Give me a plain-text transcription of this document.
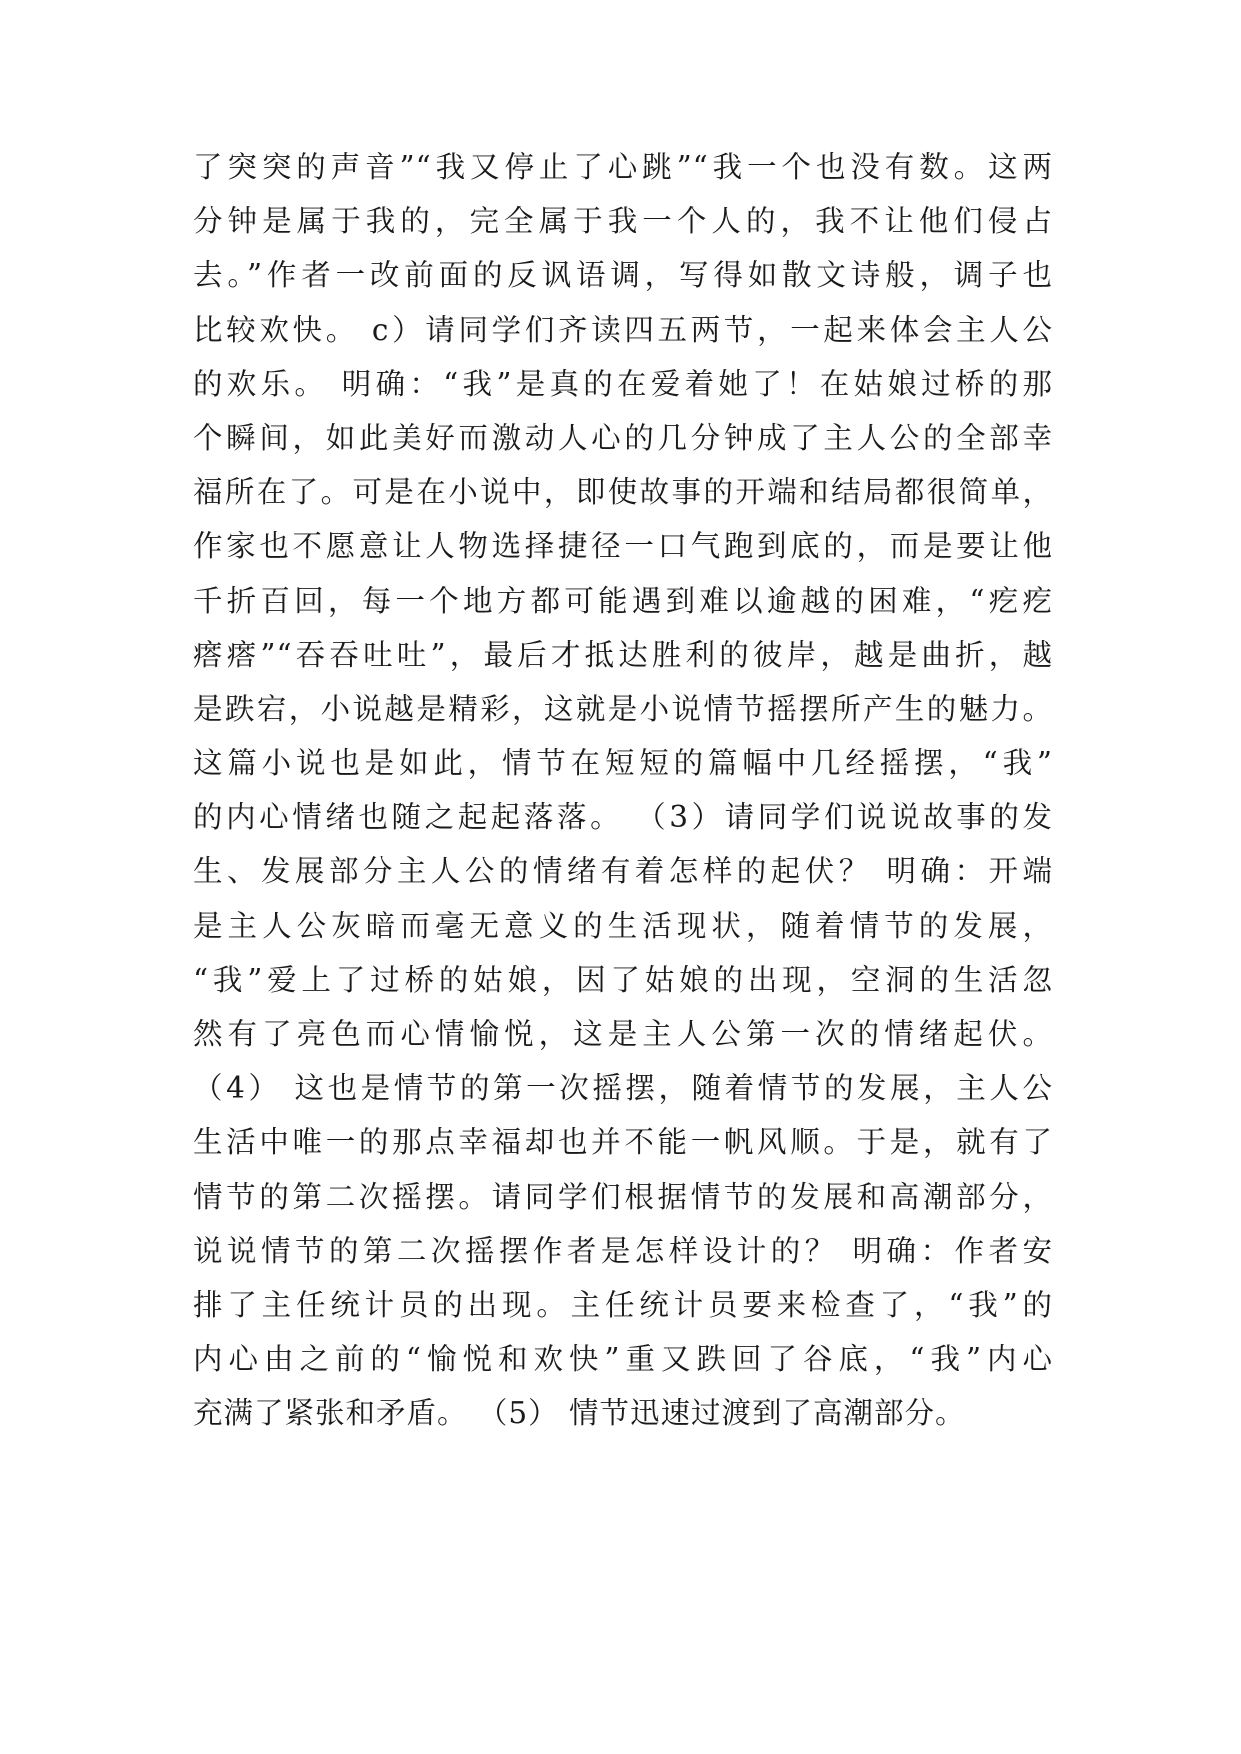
了突突的声音”“我又停止了心跳”“我一个也没有数。这两
分钟是属于我的，完全属于我一个人的，我不让他们侵占
去。”作者一改前面的反讽语调，写得如散文诗般，调子也
比较欢快。 c）请同学们齐读四五两节，一起来体会主人公
的欢乐。 明确：“我”是真的在爱着她了！在姑娘过桥的那
个瞬间，如此美好而激动人心的几分钟成了主人公的全部幸
福所在了。可是在小说中，即使故事的开端和结局都很简单，
作家也不愿意让人物选择捷径一口气跑到底的，而是要让他
千折百回，每一个地方都可能遇到难以逾越的困难，“疙疙
瘩瘩”“吞吞吐吐”，最后才抵达胜利的彼岸，越是曲折，越
是跌宕，小说越是精彩，这就是小说情节摇摆所产生的魅力。
这篇小说也是如此，情节在短短的篇幅中几经摇摆，“我”
的内心情绪也随之起起落落。 （3）请同学们说说故事的发
生、发展部分主人公的情绪有着怎样的起伏？ 明确：开端
是主人公灰暗而毫无意义的生活现状，随着情节的发展，
“我”爱上了过桥的姑娘，因了姑娘的出现，空洞的生活忽
然有了亮色而心情愉悦，这是主人公第一次的情绪起伏。
（4） 这也是情节的第一次摇摆，随着情节的发展，主人公
生活中唯一的那点幸福却也并不能一帆风顺。于是，就有了
情节的第二次摇摆。请同学们根据情节的发展和高潮部分，
说说情节的第二次摇摆作者是怎样设计的？ 明确：作者安
排了主任统计员的出现。主任统计员要来检查了，“我”的
内心由之前的“愉悦和欢快”重又跌回了谷底，“我”内心
充满了紧张和矛盾。 （5） 情节迅速过渡到了高潮部分。
